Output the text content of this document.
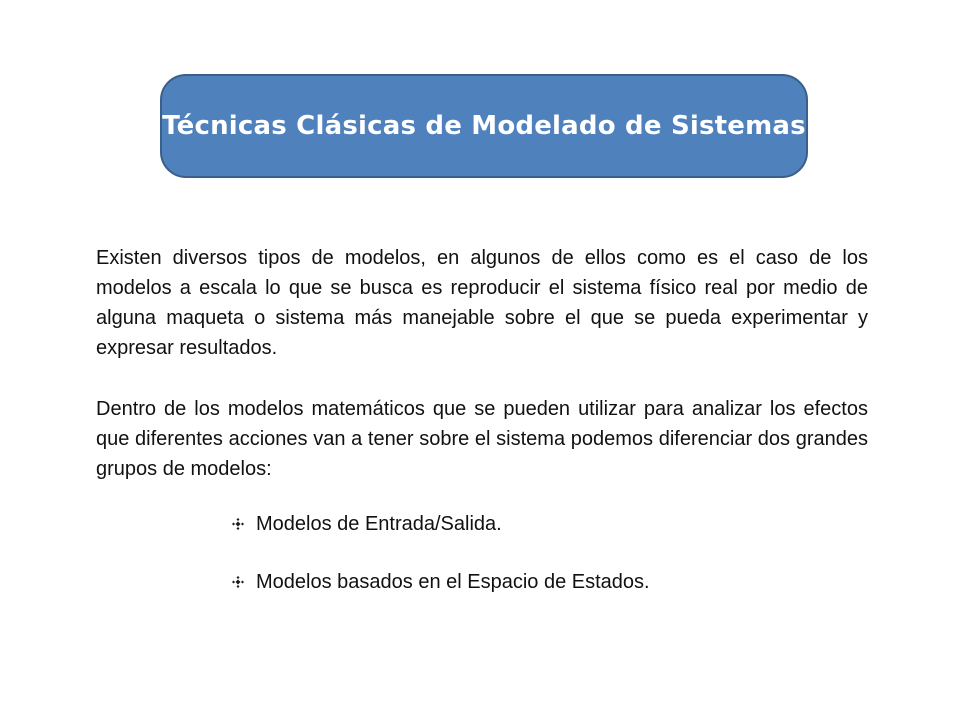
Técnicas Clásicas de Modelado de Sistemas

Existen diversos tipos de modelos, en algunos de ellos como es el caso de los modelos a escala lo que se busca es reproducir el sistema físico real por medio de alguna maqueta o sistema más manejable sobre el que se pueda experimentar y expresar resultados.

Dentro de los modelos matemáticos que se pueden utilizar para analizar los efectos que diferentes acciones van a tener sobre el sistema podemos diferenciar dos grandes grupos de modelos:

Modelos de Entrada/Salida.
Modelos basados en el Espacio de Estados.
